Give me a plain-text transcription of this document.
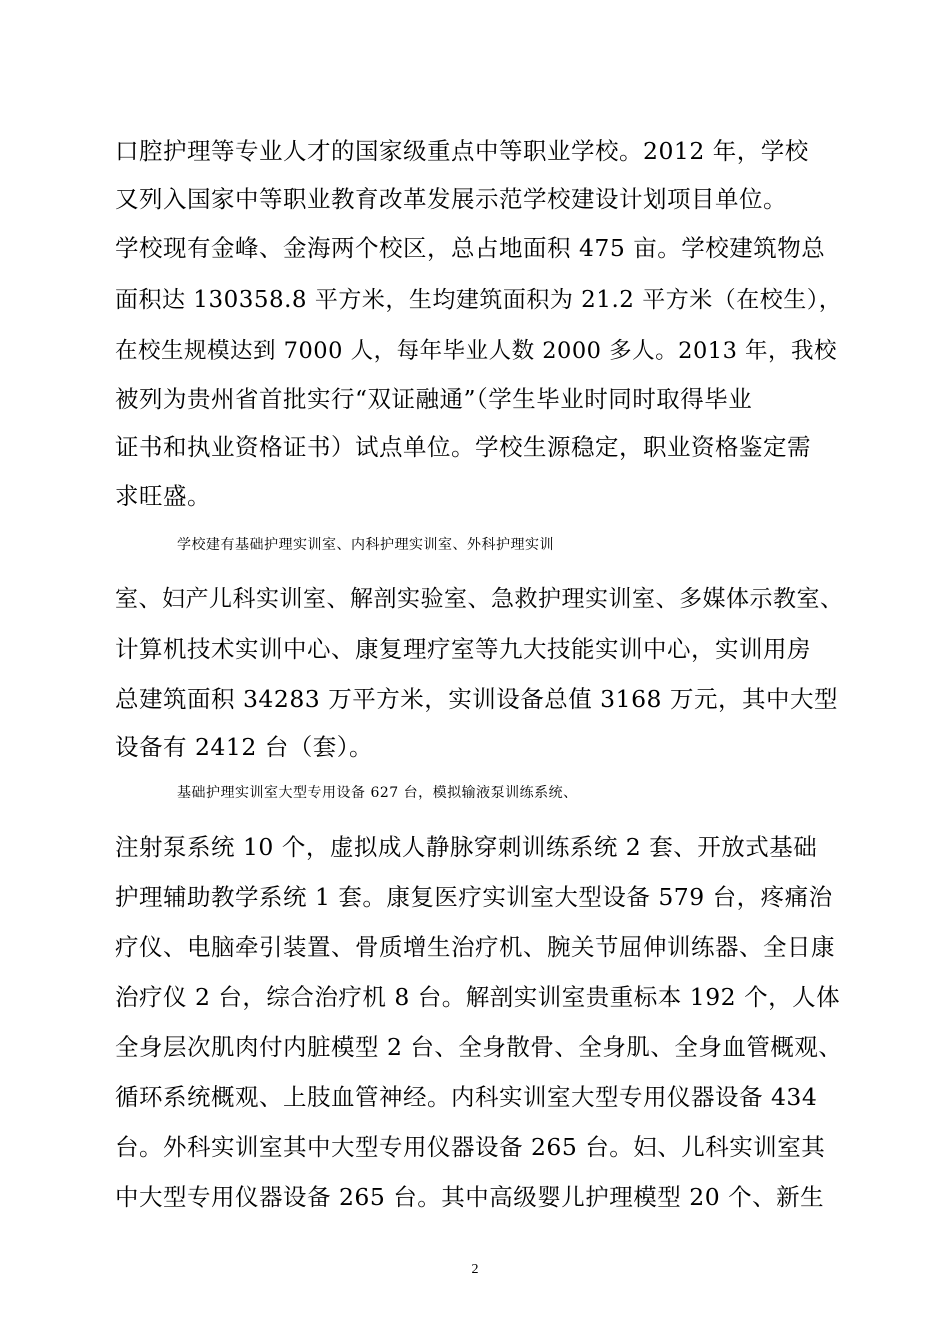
口腔护理等专业人才的国家级重点中等职业学校。2012 年，学校
又列入国家中等职业教育改革发展示范学校建设计划项目单位。
学校现有金峰、金海两个校区，总占地面积 475 亩。学校建筑物总
面积达 130358.8 平方米，生均建筑面积为 21.2 平方米（在校生），
在校生规模达到 7000 人，每年毕业人数 2000 多人。2013 年，我校
被列为贵州省首批实行“双证融通”（学生毕业时同时取得毕业
证书和执业资格证书）试点单位。学校生源稳定，职业资格鉴定需
求旺盛。
学校建有基础护理实训室、内科护理实训室、外科护理实训
室、妇产儿科实训室、解剖实验室、急救护理实训室、多媒体示教室、
计算机技术实训中心、康复理疗室等九大技能实训中心，实训用房
总建筑面积 34283 万平方米，实训设备总值 3168 万元，其中大型
设备有 2412 台（套）。
基础护理实训室大型专用设备 627 台，模拟输液泵训练系统、
注射泵系统 10 个，虚拟成人静脉穿刺训练系统 2 套、开放式基础
护理辅助教学系统 1 套。康复医疗实训室大型设备 579 台，疼痛治
疗仪、电脑牵引装置、骨质增生治疗机、腕关节屈伸训练器、全日康
治疗仪 2 台，综合治疗机 8 台。解剖实训室贵重标本 192 个，人体
全身层次肌肉付内脏模型 2 台、全身散骨、全身肌、全身血管概观、
循环系统概观、上肢血管神经。内科实训室大型专用仪器设备 434
台。外科实训室其中大型专用仪器设备 265 台。妇、儿科实训室其
中大型专用仪器设备 265 台。其中高级婴儿护理模型 20 个、新生
2
